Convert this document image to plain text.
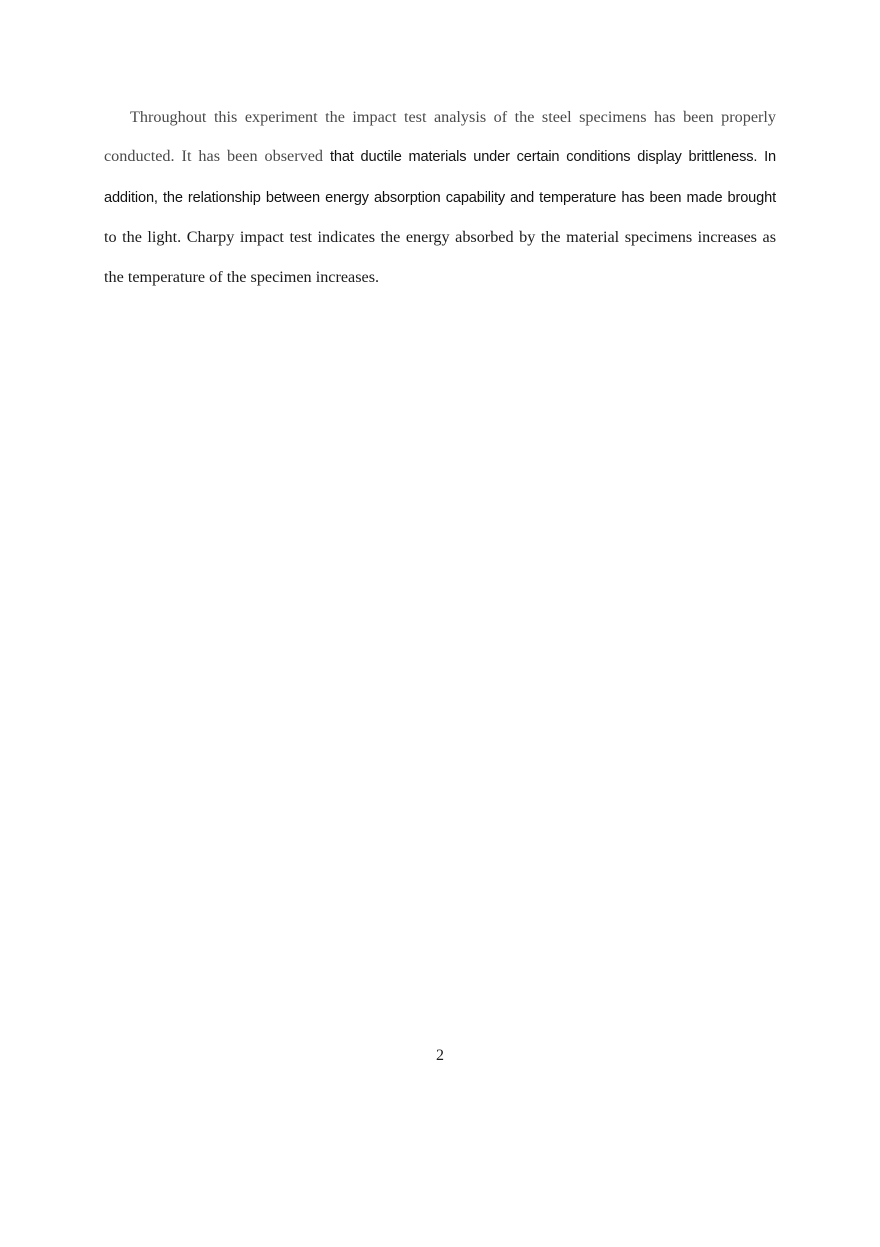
Throughout this experiment the impact test analysis of the steel specimens has been properly conducted. It has been observed that ductile materials under certain conditions display brittleness. In addition, the relationship between energy absorption capability and temperature has been made brought to the light. Charpy impact test indicates the energy absorbed by the material specimens increases as the temperature of the specimen increases.

2
